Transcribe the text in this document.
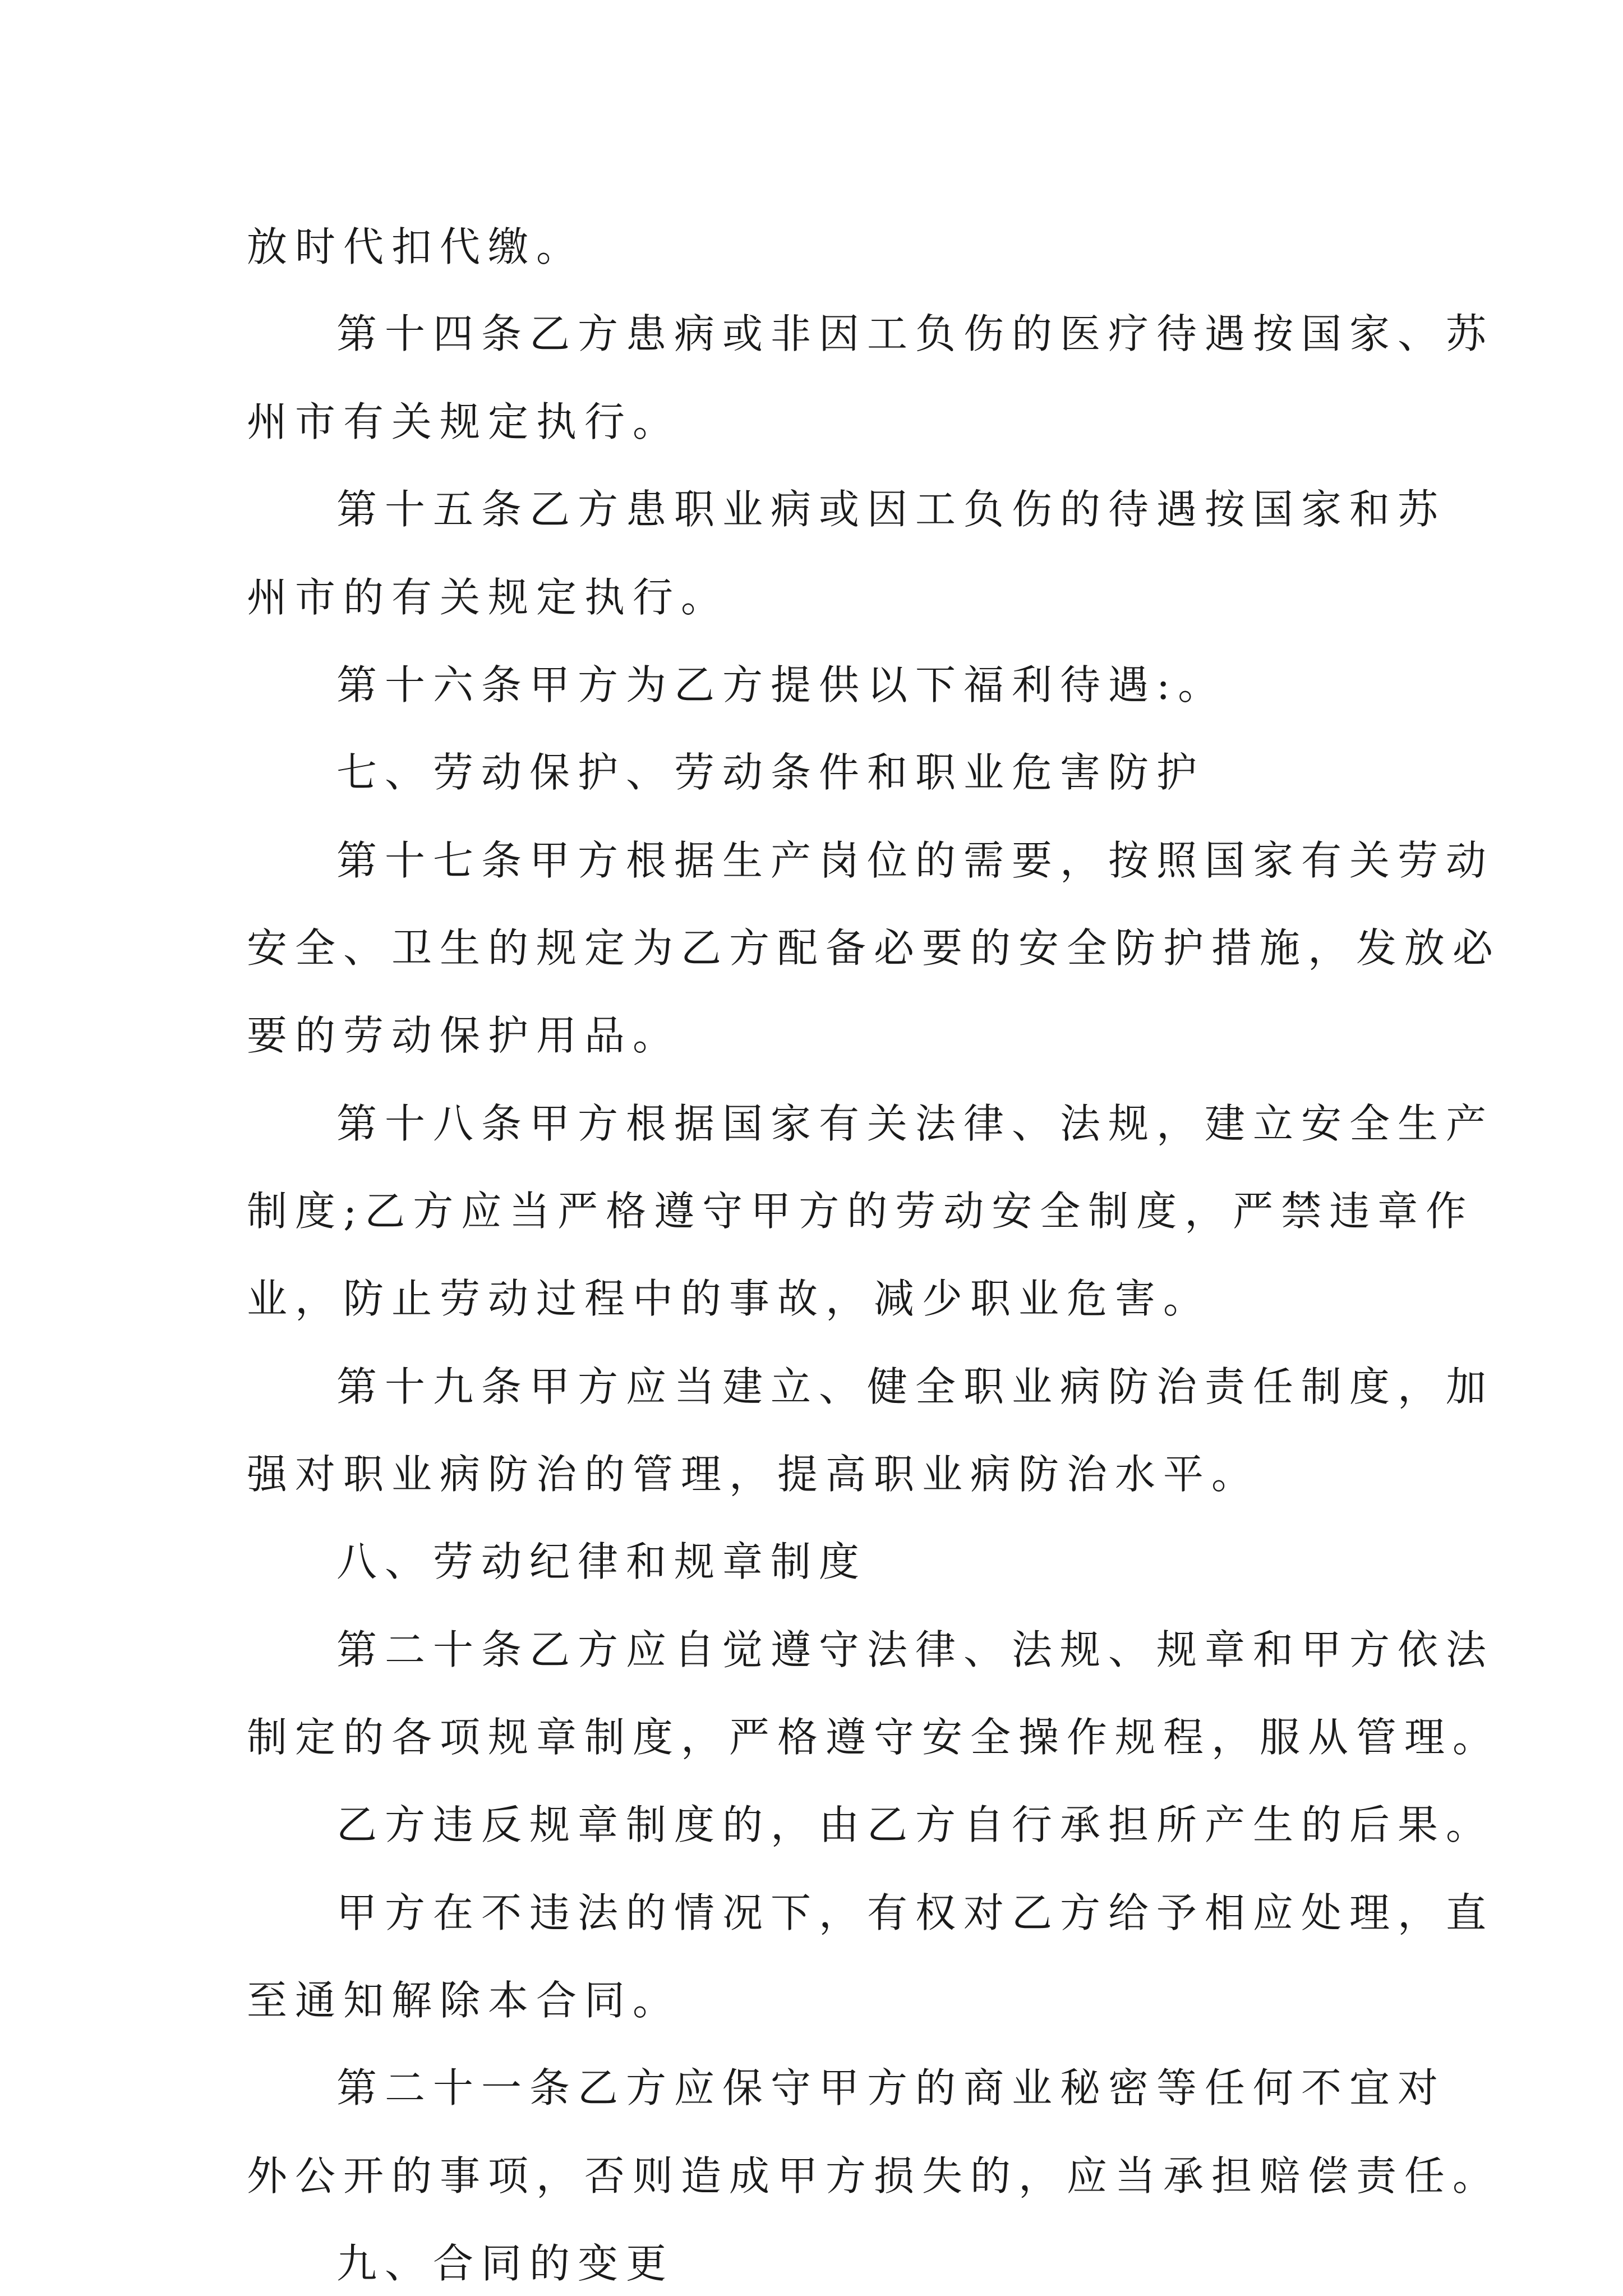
放时代扣代缴。

第十四条乙方患病或非因工负伤的医疗待遇按国家、苏

州市有关规定执行。

第十五条乙方患职业病或因工负伤的待遇按国家和苏

州市的有关规定执行。

第十六条甲方为乙方提供以下福利待遇:。

七、劳动保护、劳动条件和职业危害防护

第十七条甲方根据生产岗位的需要，按照国家有关劳动

安全、卫生的规定为乙方配备必要的安全防护措施，发放必

要的劳动保护用品。

第十八条甲方根据国家有关法律、法规，建立安全生产

制度;乙方应当严格遵守甲方的劳动安全制度，严禁违章作

业，防止劳动过程中的事故，减少职业危害。

第十九条甲方应当建立、健全职业病防治责任制度，加

强对职业病防治的管理，提高职业病防治水平。

八、劳动纪律和规章制度

第二十条乙方应自觉遵守法律、法规、规章和甲方依法

制定的各项规章制度，严格遵守安全操作规程，服从管理。

乙方违反规章制度的，由乙方自行承担所产生的后果。

甲方在不违法的情况下，有权对乙方给予相应处理，直

至通知解除本合同。

第二十一条乙方应保守甲方的商业秘密等任何不宜对

外公开的事项，否则造成甲方损失的，应当承担赔偿责任。

九、合同的变更
